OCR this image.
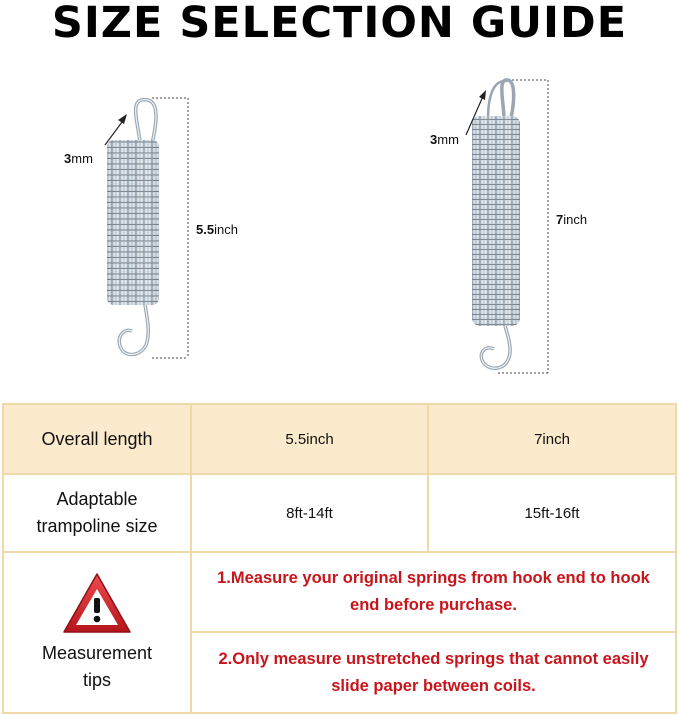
SIZE SELECTION GUIDE
3mm
5.5inch
3mm
7inch
Overall length	5.5inch	7inch
Adaptable
trampoline size
8ft-14ft	15ft-16ft
Measurement
tips
1.Measure your original springs from hook end to hook end before purchase.
2.Only measure unstretched springs that cannot easily slide paper between coils.
